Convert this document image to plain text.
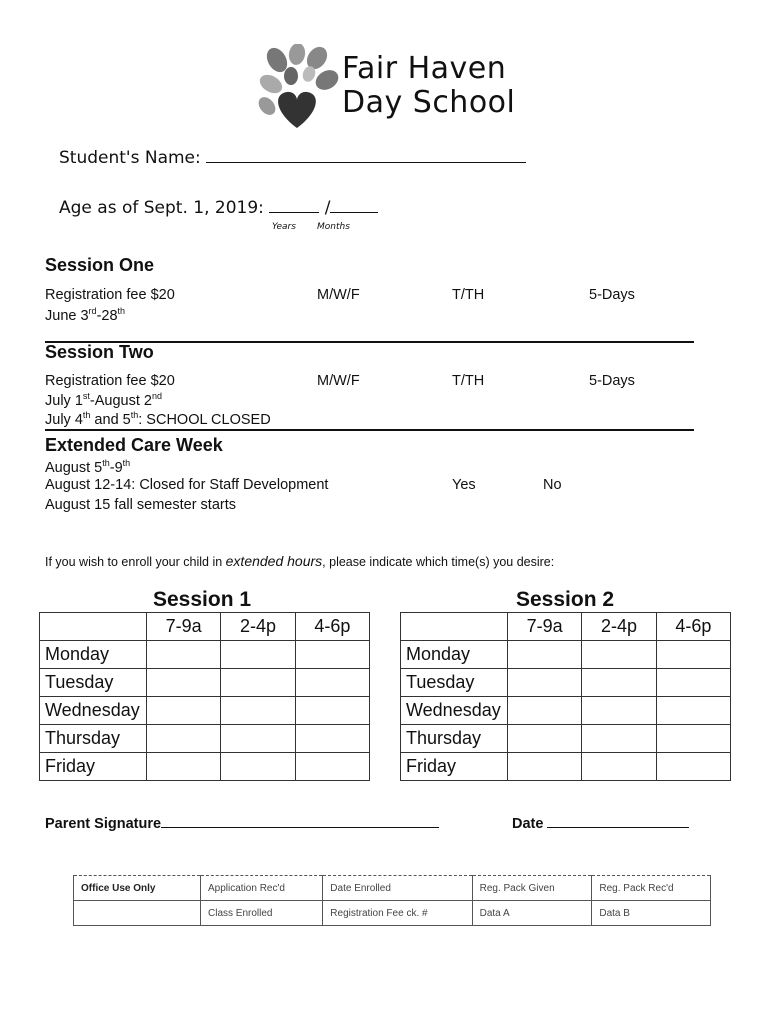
Fair Haven
Day School
Student's Name:
Age as of Sept. 1, 2019:	/
Years Months
Session One
Registration fee $20
June 3rd-28th
M/W/F	T/TH	5-Days
Session Two
Registration fee $20
July 1st-August 2nd
July 4th and 5th: SCHOOL CLOSED
M/W/F	T/TH	5-Days
Extended Care Week
August 5th-9th
August 12-14: Closed for Staff Development
August 15 fall semester starts
Yes	No
If you wish to enroll your child in extended hours, please indicate which time(s) you desire:
Session 1
	7-9a	2-4p	4-6p
Monday			
Tuesday			
Wednesday			
Thursday			
Friday			
Session 2
	7-9a	2-4p	4-6p
Monday			
Tuesday			
Wednesday			
Thursday			
Friday			
Parent Signature	Date
Office Use Only	Application Rec'd	Date Enrolled	Reg. Pack Given	Reg. Pack Rec'd
	Class Enrolled	Registration Fee ck. #	Data A	Data B
